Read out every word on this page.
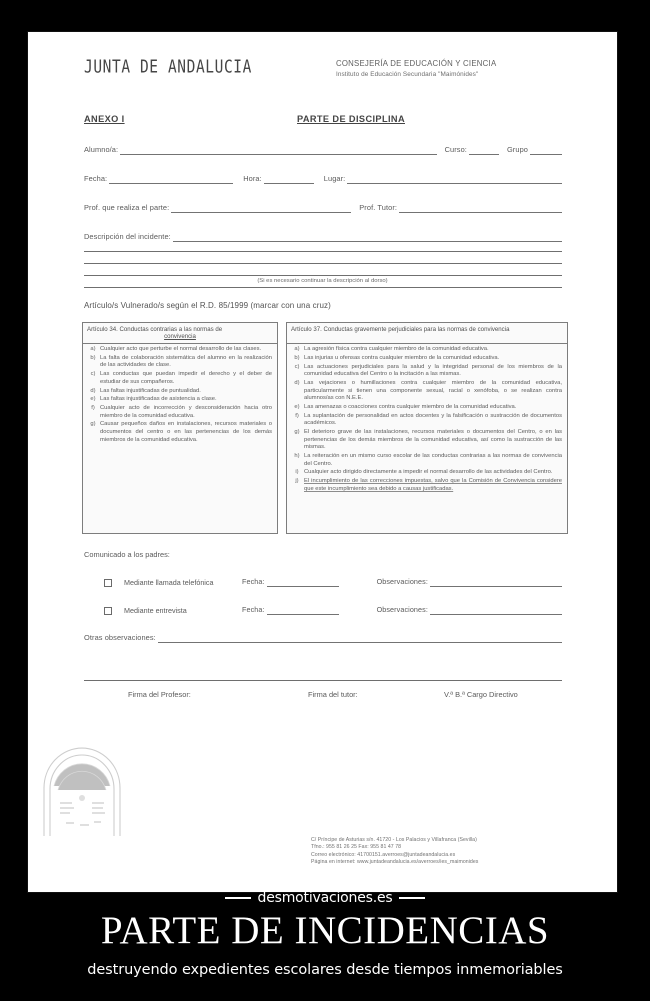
JUNTA DE ANDALUCIA	CONSEJERÍA DE EDUCACIÓN Y CIENCIA
Instituto de Educación Secundaria "Maimónides"
ANEXO I	PARTE DE DISCIPLINA
Alumno/a:	Curso:	Grupo
Fecha:	Hora:	Lugar:
Prof. que realiza el parte:	Prof. Tutor:
Descripción del incidente:
(Si es necesario continuar la descripción al dorso)
Artículo/s Vulnerado/s según el R.D. 85/1999 (marcar con una cruz)
Artículo 34. Conductas contrarias a las normas de
convivencia
a) Cualquier acto que perturbe el normal desarrollo de las clases.
b) La falta de colaboración sistemática del alumno en la realización de las actividades de clase.
c) Las conductas que puedan impedir el derecho y el deber de estudiar de sus compañeros.
d) Las faltas injustificadas de puntualidad.
e) Las faltas injustificadas de asistencia a clase.
f) Cualquier acto de incorrección y desconsideración hacia otro miembro de la comunidad educativa.
g) Causar pequeños daños en instalaciones, recursos materiales o documentos del centro o en las pertenencias de los demás miembros de la comunidad educativa.
Artículo 37. Conductas gravemente perjudiciales para las normas de convivencia
a) La agresión física contra cualquier miembro de la comunidad educativa.
b) Las injurias u ofensas contra cualquier miembro de la comunidad educativa.
c) Las actuaciones perjudiciales para la salud y la integridad personal de los miembros de la comunidad educativa del Centro o la incitación a las mismas.
d) Las vejaciones o humillaciones contra cualquier miembro de la comunidad educativa, particularmente si tienen una componente sexual, racial o xenófoba, o se realizan contra alumnos/as con N.E.E.
e) Las amenazas o coacciones contra cualquier miembro de la comunidad educativa.
f) La suplantación de personalidad en actos docentes y la falsificación o sustracción de documentos académicos.
g) El deterioro grave de las instalaciones, recursos materiales o documentos del Centro, o en las pertenencias de los demás miembros de la comunidad educativa, así como la sustracción de las mismas.
h) La reiteración en un mismo curso escolar de las conductas contrarias a las normas de convivencia del Centro.
i) Cualquier acto dirigido directamente a impedir el normal desarrollo de las actividades del Centro.
j) El incumplimiento de las correcciones impuestas, salvo que la Comisión de Convivencia considere que este incumplimiento sea debido a causas justificadas.
Comunicado a los padres:
Mediante llamada telefónica	Fecha:	Observaciones:
Mediante entrevista	Fecha:	Observaciones:
Otras observaciones:
Firma del Profesor:	Firma del tutor:	V.ª B.ª Cargo Directivo
C/ Príncipe de Asturias s/n. 41720 - Los Palacios y Villafranca (Sevilla)
Tfno.: 955 81 26 25 Fax: 955 81 47 78
Correo electrónico: 41700151.averroes@juntadeandalucia.es
Página en internet: www.juntadeandalucia.es/averroes/ies_maimonides
desmotivaciones.es
PARTE DE INCIDENCIAS
destruyendo expedientes escolares desde tiempos inmemoriables
